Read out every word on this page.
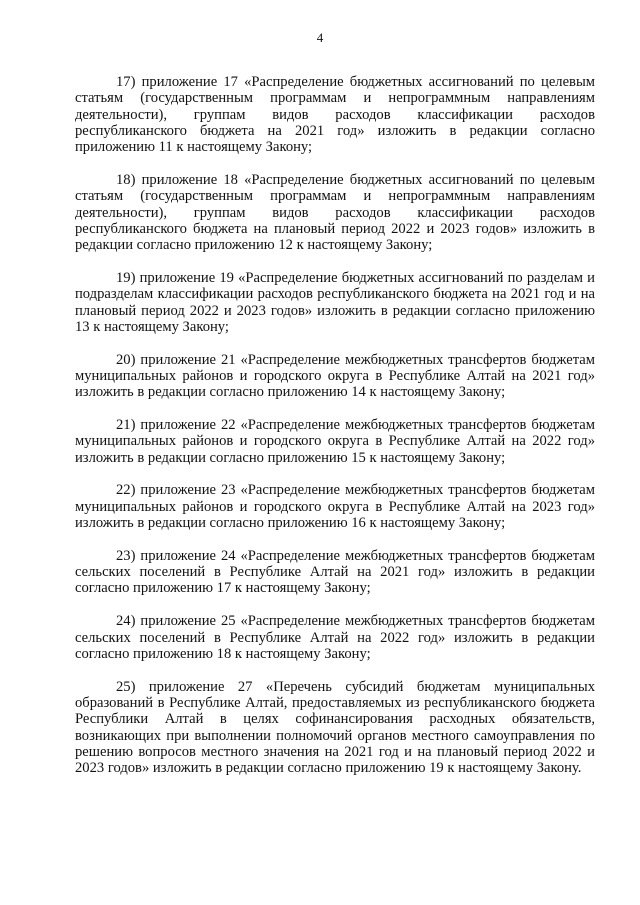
4

17) приложение 17 «Распределение бюджетных ассигнований по целевым статьям (государственным программам и непрограммным направлениям деятельности), группам видов расходов классификации расходов республиканского бюджета на 2021 год» изложить в редакции согласно приложению 11 к настоящему Закону;

18) приложение 18 «Распределение бюджетных ассигнований по целевым статьям (государственным программам и непрограммным направлениям деятельности), группам видов расходов классификации расходов республиканского бюджета на плановый период 2022 и 2023 годов» изложить в редакции согласно приложению 12 к настоящему Закону;

19) приложение 19 «Распределение бюджетных ассигнований по разделам и подразделам классификации расходов республиканского бюджета на 2021 год и на плановый период 2022 и 2023 годов» изложить в редакции согласно приложению 13 к настоящему Закону;

20) приложение 21 «Распределение межбюджетных трансфертов бюджетам муниципальных районов и городского округа в Республике Алтай на 2021 год» изложить в редакции согласно приложению 14 к настоящему Закону;

21) приложение 22 «Распределение межбюджетных трансфертов бюджетам муниципальных районов и городского округа в Республике Алтай на 2022 год» изложить в редакции согласно приложению 15 к настоящему Закону;

22) приложение 23 «Распределение межбюджетных трансфертов бюджетам муниципальных районов и городского округа в Республике Алтай на 2023 год» изложить в редакции согласно приложению 16 к настоящему Закону;

23) приложение 24 «Распределение межбюджетных трансфертов бюджетам сельских поселений в Республике Алтай на 2021 год» изложить в редакции согласно приложению 17 к настоящему Закону;

24) приложение 25 «Распределение межбюджетных трансфертов бюджетам сельских поселений в Республике Алтай на 2022 год» изложить в редакции согласно приложению 18 к настоящему Закону;

25) приложение 27 «Перечень субсидий бюджетам муниципальных образований в Республике Алтай, предоставляемых из республиканского бюджета Республики Алтай в целях софинансирования расходных обязательств, возникающих при выполнении полномочий органов местного самоуправления по решению вопросов местного значения на 2021 год и на плановый период 2022 и 2023 годов» изложить в редакции согласно приложению 19 к настоящему Закону.
